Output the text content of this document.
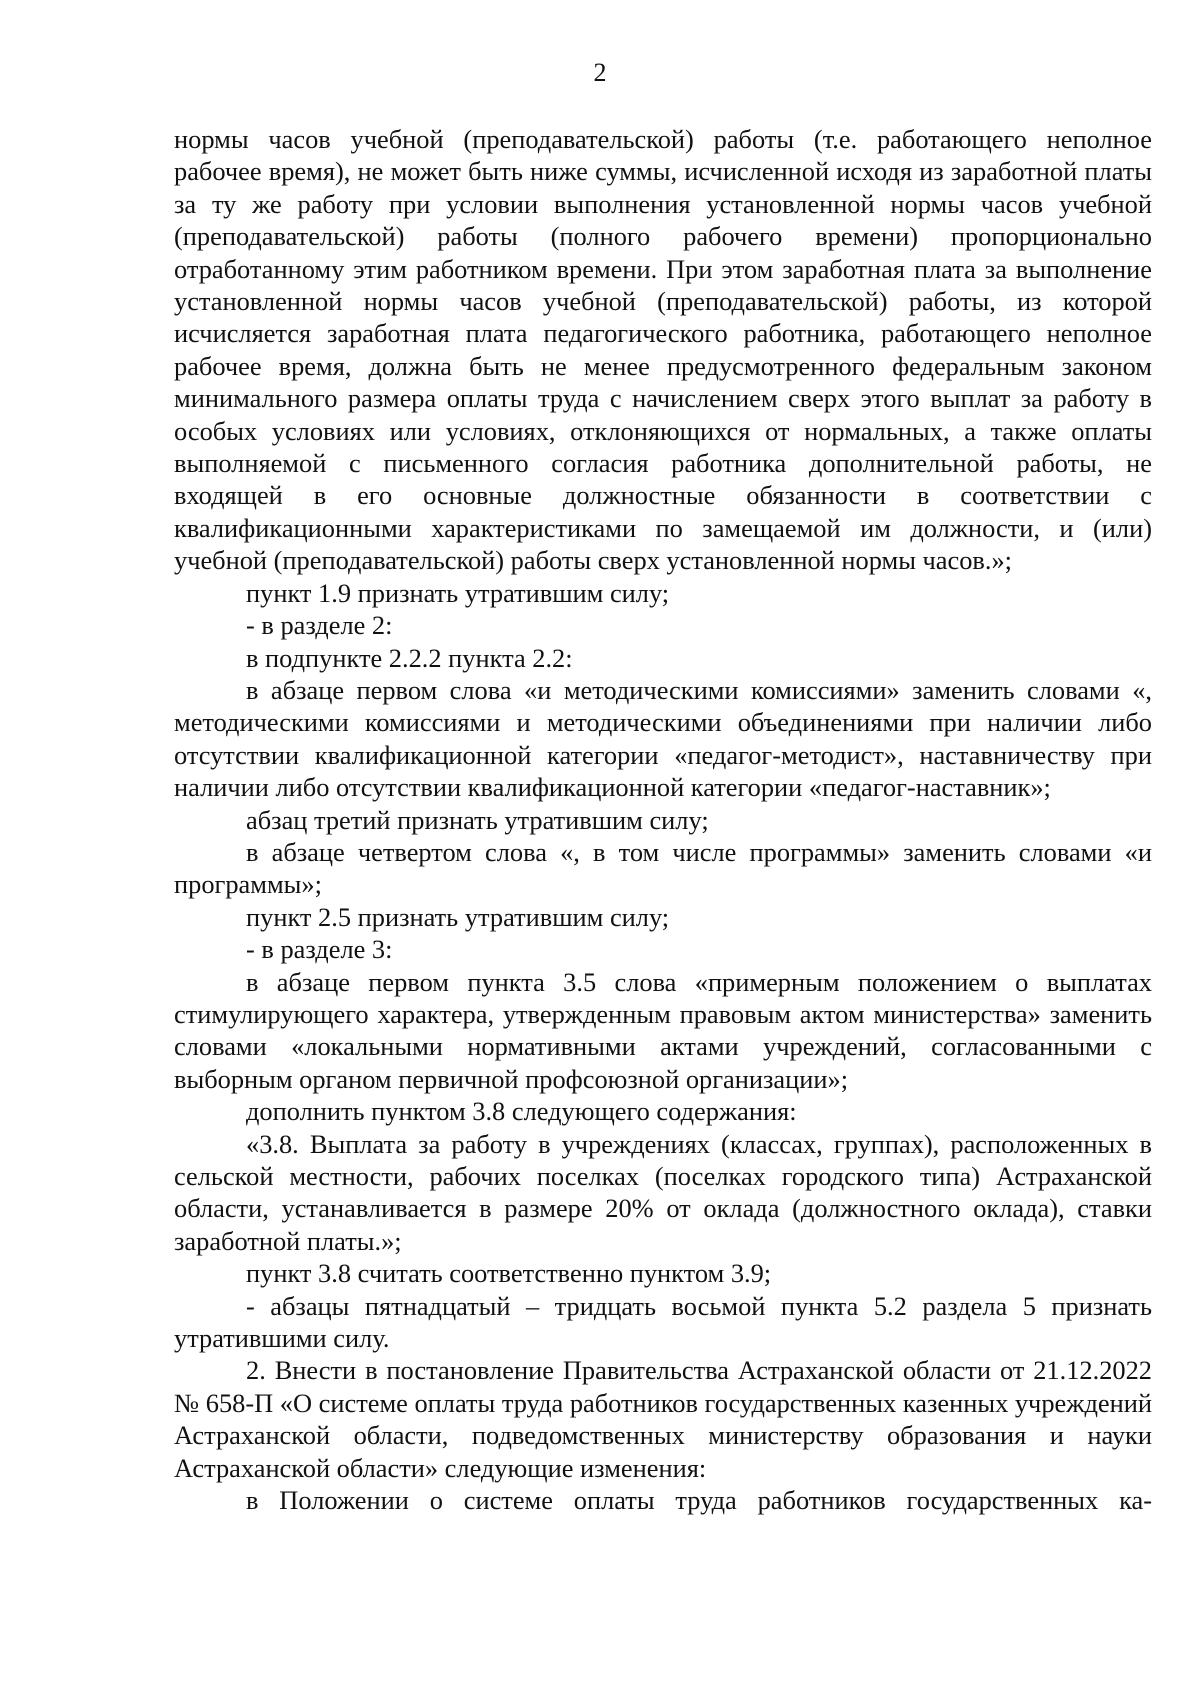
2

нормы часов учебной (преподавательской) работы (т.е. работающего неполное рабочее время), не может быть ниже суммы, исчисленной исходя из заработной платы за ту же работу при условии выполнения установленной нормы часов учебной (преподавательской) работы (полного рабочего времени) пропорционально отработанному этим работником времени. При этом заработная плата за выполнение установленной нормы часов учебной (преподавательской) работы, из которой исчисляется заработная плата педагогического работника, работающего неполное рабочее время, должна быть не менее предусмотренного федеральным законом минимального размера оплаты труда с начислением сверх этого выплат за работу в особых условиях или условиях, отклоняющихся от нормальных, а также оплаты выполняемой с письменного согласия работника дополнительной работы, не входящей в его основные должностные обязанности в соответствии с квалификационными характеристиками по замещаемой им должности, и (или) учебной (преподавательской) работы сверх установленной нормы часов.»;

пункт 1.9 признать утратившим силу;

- в разделе 2:

в подпункте 2.2.2 пункта 2.2:

в абзаце первом слова «и методическими комиссиями» заменить словами «, методическими комиссиями и методическими объединениями при наличии либо отсутствии квалификационной категории «педагог-методист», наставничеству при наличии либо отсутствии квалификационной категории «педагог-наставник»;

абзац третий признать утратившим силу;

в абзаце четвертом слова «, в том числе программы» заменить словами «и программы»;

пункт 2.5 признать утратившим силу;

- в разделе 3:

в абзаце первом пункта 3.5 слова «примерным положением о выплатах стимулирующего характера, утвержденным правовым актом министерства» заменить словами «локальными нормативными актами учреждений, согласованными с выборным органом первичной профсоюзной организации»;

дополнить пунктом 3.8 следующего содержания:

«3.8. Выплата за работу в учреждениях (классах, группах), расположенных в сельской местности, рабочих поселках (поселках городского типа) Астраханской области, устанавливается в размере 20% от оклада (должностного оклада), ставки заработной платы.»;

пункт 3.8 считать соответственно пунктом 3.9;

- абзацы пятнадцатый – тридцать восьмой пункта 5.2 раздела 5 признать утратившими силу.

2. Внести в постановление Правительства Астраханской области от 21.12.2022 № 658-П «О системе оплаты труда работников государственных казенных учреждений Астраханской области, подведомственных министерству образования и науки Астраханской области» следующие изменения:

в Положении о системе оплаты труда работников государственных ка-
